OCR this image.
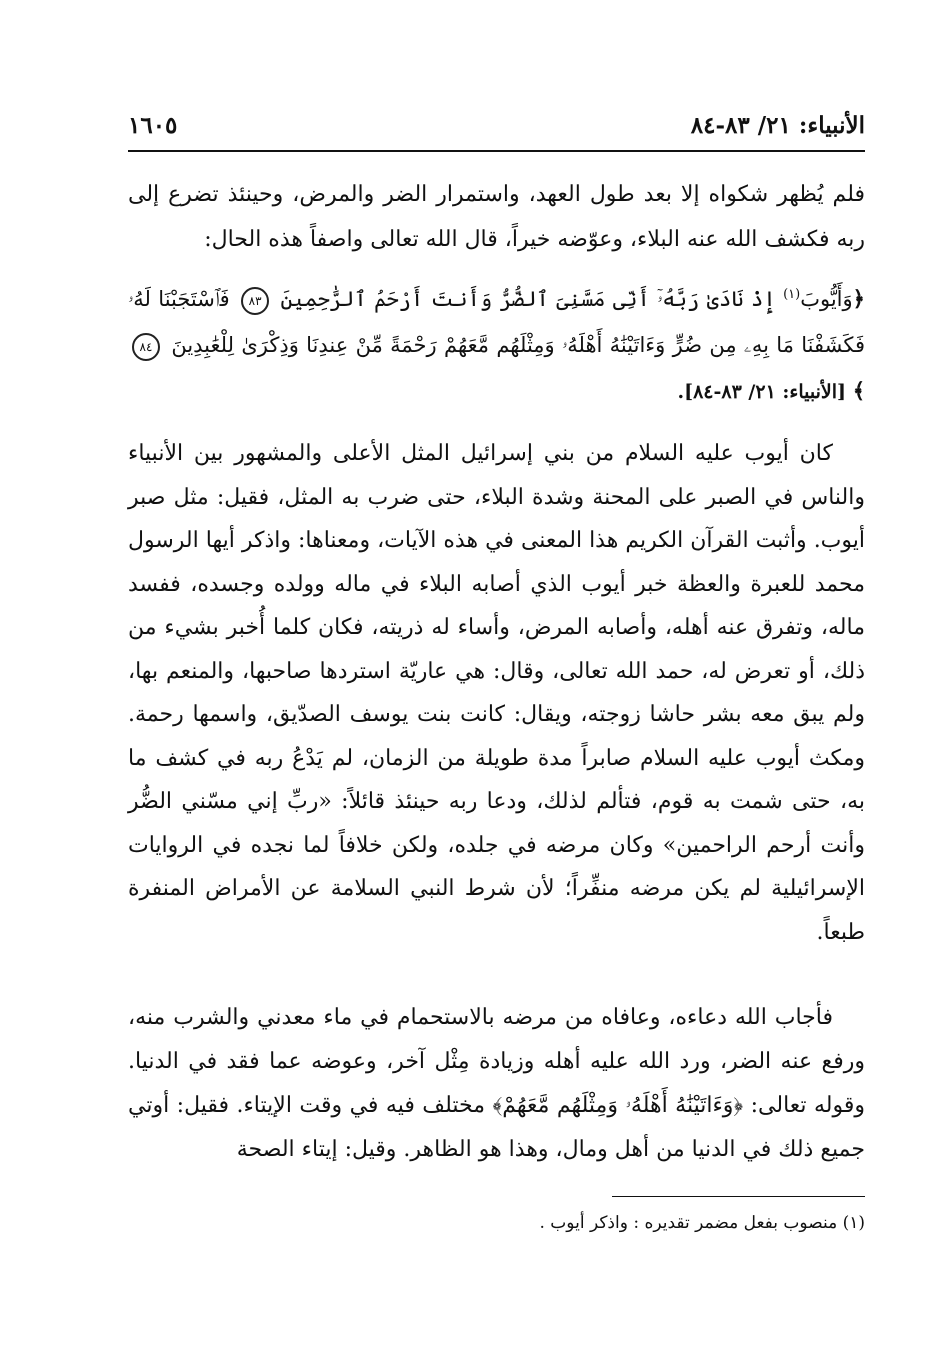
الأنبياء: ٢١/ ٨٣-٨٤
١٦٠٥

فلم يُظهر شكواه إلا بعد طول العهد، واستمرار الضر والمرض، وحينئذ تضرع إلى ربه فكشف الله عنه البلاء، وعوّضه خيراً، قال الله تعالى واصفاً هذه الحال:

﴿وَأَيُّوبَ$^{(١)}$ إِذْ نَادَىٰ رَبَّهُۥٓ أَنِّى مَسَّنِىَ ٱلضُّرُّ وَأَنتَ أَرْحَمُ ٱلرَّٰحِمِينَ ٨٣ فَٱسْتَجَبْنَا لَهُۥ فَكَشَفْنَا مَا بِهِۦ مِن ضُرٍّ وَءَاتَيْنَٰهُ أَهْلَهُۥ وَمِثْلَهُم مَّعَهُمْ رَحْمَةً مِّنْ عِندِنَا وَذِكْرَىٰ لِلْعَٰبِدِينَ ٨٤﴾ [الأنبياء: ٢١/ ٨٣-٨٤].

كان أيوب عليه السلام من بني إسرائيل المثل الأعلى والمشهور بين الأنبياء والناس في الصبر على المحنة وشدة البلاء، حتى ضرب به المثل، فقيل: مثل صبر أيوب. وأثبت القرآن الكريم هذا المعنى في هذه الآيات، ومعناها: واذكر أيها الرسول محمد للعبرة والعظة خبر أيوب الذي أصابه البلاء في ماله وولده وجسده، ففسد ماله، وتفرق عنه أهله، وأصابه المرض، وأساء له ذريته، فكان كلما أُخبر بشيء من ذلك، أو تعرض له، حمد الله تعالى، وقال: هي عاريّة استردها صاحبها، والمنعم بها، ولم يبق معه بشر حاشا زوجته، ويقال: كانت بنت يوسف الصدّيق، واسمها رحمة. ومكث أيوب عليه السلام صابراً مدة طويلة من الزمان، لم يَدْعُ ربه في كشف ما به، حتى شمت به قوم، فتألم لذلك، ودعا ربه حينئذ قائلاً: «ربِّ إني مسّني الضُّر وأنت أرحم الراحمين» وكان مرضه في جلده، ولكن خلافاً لما نجده في الروايات الإسرائيلية لم يكن مرضه منفِّراً؛ لأن شرط النبي السلامة عن الأمراض المنفرة طبعاً.

فأجاب الله دعاءه، وعافاه من مرضه بالاستحمام في ماء معدني والشرب منه، ورفع عنه الضر، ورد الله عليه أهله وزيادة مِثْل آخر، وعوضه عما فقد في الدنيا. وقوله تعالى: ﴿وَءَاتَيْنَٰهُ أَهْلَهُۥ وَمِثْلَهُم مَّعَهُمْ﴾ مختلف فيه في وقت الإيتاء. فقيل: أوتي جميع ذلك في الدنيا من أهل ومال، وهذا هو الظاهر. وقيل: إيتاء الصحة

(١) منصوب بفعل مضمر تقديره : واذكر أيوب .
